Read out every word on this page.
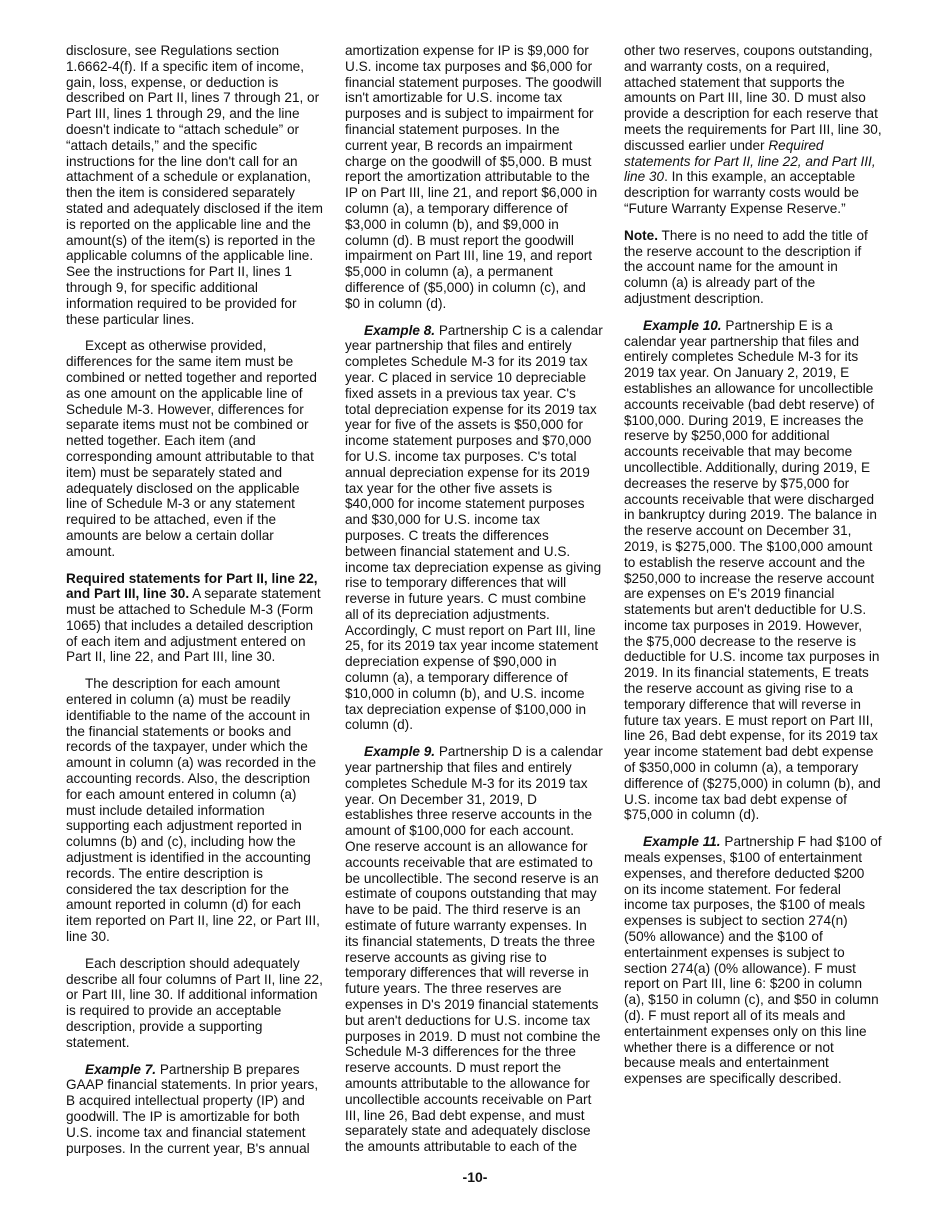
disclosure, see Regulations section 1.6662-4(f). If a specific item of income, gain, loss, expense, or deduction is described on Part II, lines 7 through 21, or Part III, lines 1 through 29, and the line doesn't indicate to “attach schedule” or “attach details,” and the specific instructions for the line don't call for an attachment of a schedule or explanation, then the item is considered separately stated and adequately disclosed if the item is reported on the applicable line and the amount(s) of the item(s) is reported in the applicable columns of the applicable line. See the instructions for Part II, lines 1 through 9, for specific additional information required to be provided for these particular lines.

Except as otherwise provided, differences for the same item must be combined or netted together and reported as one amount on the applicable line of Schedule M-3. However, differences for separate items must not be combined or netted together. Each item (and corresponding amount attributable to that item) must be separately stated and adequately disclosed on the applicable line of Schedule M-3 or any statement required to be attached, even if the amounts are below a certain dollar amount.

Required statements for Part II, line 22, and Part III, line 30. A separate statement must be attached to Schedule M-3 (Form 1065) that includes a detailed description of each item and adjustment entered on Part II, line 22, and Part III, line 30.

The description for each amount entered in column (a) must be readily identifiable to the name of the account in the financial statements or books and records of the taxpayer, under which the amount in column (a) was recorded in the accounting records. Also, the description for each amount entered in column (a) must include detailed information supporting each adjustment reported in columns (b) and (c), including how the adjustment is identified in the accounting records. The entire description is considered the tax description for the amount reported in column (d) for each item reported on Part II, line 22, or Part III, line 30.

Each description should adequately describe all four columns of Part II, line 22, or Part III, line 30. If additional information is required to provide an acceptable description, provide a supporting statement.

Example 7. Partnership B prepares GAAP financial statements. In prior years, B acquired intellectual property (IP) and goodwill. The IP is amortizable for both U.S. income tax and financial statement purposes. In the current year, B's annual

amortization expense for IP is $9,000 for U.S. income tax purposes and $6,000 for financial statement purposes. The goodwill isn't amortizable for U.S. income tax purposes and is subject to impairment for financial statement purposes. In the current year, B records an impairment charge on the goodwill of $5,000. B must report the amortization attributable to the IP on Part III, line 21, and report $6,000 in column (a), a temporary difference of $3,000 in column (b), and $9,000 in column (d). B must report the goodwill impairment on Part III, line 19, and report $5,000 in column (a), a permanent difference of ($5,000) in column (c), and $0 in column (d).

Example 8. Partnership C is a calendar year partnership that files and entirely completes Schedule M-3 for its 2019 tax year. C placed in service 10 depreciable fixed assets in a previous tax year. C's total depreciation expense for its 2019 tax year for five of the assets is $50,000 for income statement purposes and $70,000 for U.S. income tax purposes. C's total annual depreciation expense for its 2019 tax year for the other five assets is $40,000 for income statement purposes and $30,000 for U.S. income tax purposes. C treats the differences between financial statement and U.S. income tax depreciation expense as giving rise to temporary differences that will reverse in future years. C must combine all of its depreciation adjustments. Accordingly, C must report on Part III, line 25, for its 2019 tax year income statement depreciation expense of $90,000 in column (a), a temporary difference of $10,000 in column (b), and U.S. income tax depreciation expense of $100,000 in column (d).

Example 9. Partnership D is a calendar year partnership that files and entirely completes Schedule M-3 for its 2019 tax year. On December 31, 2019, D establishes three reserve accounts in the amount of $100,000 for each account. One reserve account is an allowance for accounts receivable that are estimated to be uncollectible. The second reserve is an estimate of coupons outstanding that may have to be paid. The third reserve is an estimate of future warranty expenses. In its financial statements, D treats the three reserve accounts as giving rise to temporary differences that will reverse in future years. The three reserves are expenses in D's 2019 financial statements but aren't deductions for U.S. income tax purposes in 2019. D must not combine the Schedule M-3 differences for the three reserve accounts. D must report the amounts attributable to the allowance for uncollectible accounts receivable on Part III, line 26, Bad debt expense, and must separately state and adequately disclose the amounts attributable to each of the

other two reserves, coupons outstanding, and warranty costs, on a required, attached statement that supports the amounts on Part III, line 30. D must also provide a description for each reserve that meets the requirements for Part III, line 30, discussed earlier under Required statements for Part II, line 22, and Part III, line 30. In this example, an acceptable description for warranty costs would be “Future Warranty Expense Reserve.”

Note. There is no need to add the title of the reserve account to the description if the account name for the amount in column (a) is already part of the adjustment description.

Example 10. Partnership E is a calendar year partnership that files and entirely completes Schedule M-3 for its 2019 tax year. On January 2, 2019, E establishes an allowance for uncollectible accounts receivable (bad debt reserve) of $100,000. During 2019, E increases the reserve by $250,000 for additional accounts receivable that may become uncollectible. Additionally, during 2019, E decreases the reserve by $75,000 for accounts receivable that were discharged in bankruptcy during 2019. The balance in the reserve account on December 31, 2019, is $275,000. The $100,000 amount to establish the reserve account and the $250,000 to increase the reserve account are expenses on E's 2019 financial statements but aren't deductible for U.S. income tax purposes in 2019. However, the $75,000 decrease to the reserve is deductible for U.S. income tax purposes in 2019. In its financial statements, E treats the reserve account as giving rise to a temporary difference that will reverse in future tax years. E must report on Part III, line 26, Bad debt expense, for its 2019 tax year income statement bad debt expense of $350,000 in column (a), a temporary difference of ($275,000) in column (b), and U.S. income tax bad debt expense of $75,000 in column (d).

Example 11. Partnership F had $100 of meals expenses, $100 of entertainment expenses, and therefore deducted $200 on its income statement. For federal income tax purposes, the $100 of meals expenses is subject to section 274(n) (50% allowance) and the $100 of entertainment expenses is subject to section 274(a) (0% allowance). F must report on Part III, line 6: $200 in column (a), $150 in column (c), and $50 in column (d). F must report all of its meals and entertainment expenses only on this line whether there is a difference or not because meals and entertainment expenses are specifically described.

-10-
